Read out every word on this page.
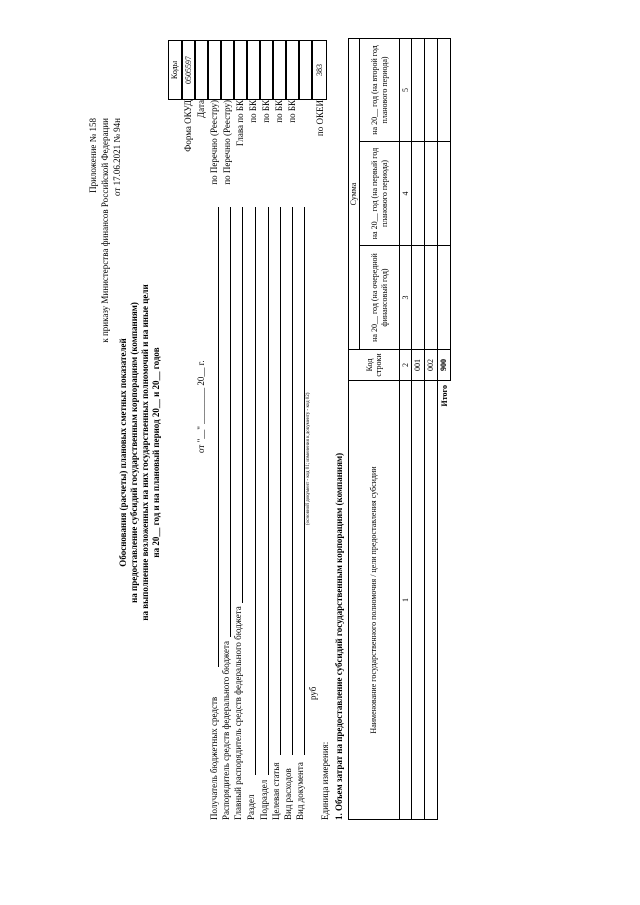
Приложение № 158 к приказу Министерства финансов Российской Федерации от 17.06.2021 № 94н
Обоснования (расчеты) плановых сметных показателей на предоставление субсидий государственным корпорациям (компаниям) на выполнение возложенных на них государственных полномочий и на иные цели на 20__ год и на плановый период 20__ и 20__ годов
Коды
Форма ОКУД
0505597
Дата
от "__" ________ 20__ г.
Получатель бюджетных средств
по Перечню (Реестру)
Распорядитель средств федерального бюджета
по Перечню (Реестру)
Главный распорядитель средств федерального бюджета
Глава по БК
Раздел
по БК
Подраздел
по БК
Целевая статья
по БК
Вид расходов
по БК
Вид документа
(основной документ - код 01; изменения к документу - код 02)
Единица измерения:
руб
по ОКЕИ
383
1. Объем затрат на предоставление субсидий государственным корпорациям (компаниям)	Наименование государственного полномочия / цели предоставления субсидии
Код строки
Сумма
на 20__ год (на очередной финансовый год)
на 20__ год (на первый год планового периода)
на 20__ год (на второй год планового периода)
1
2
3
4
5
001 002
Итого
900
